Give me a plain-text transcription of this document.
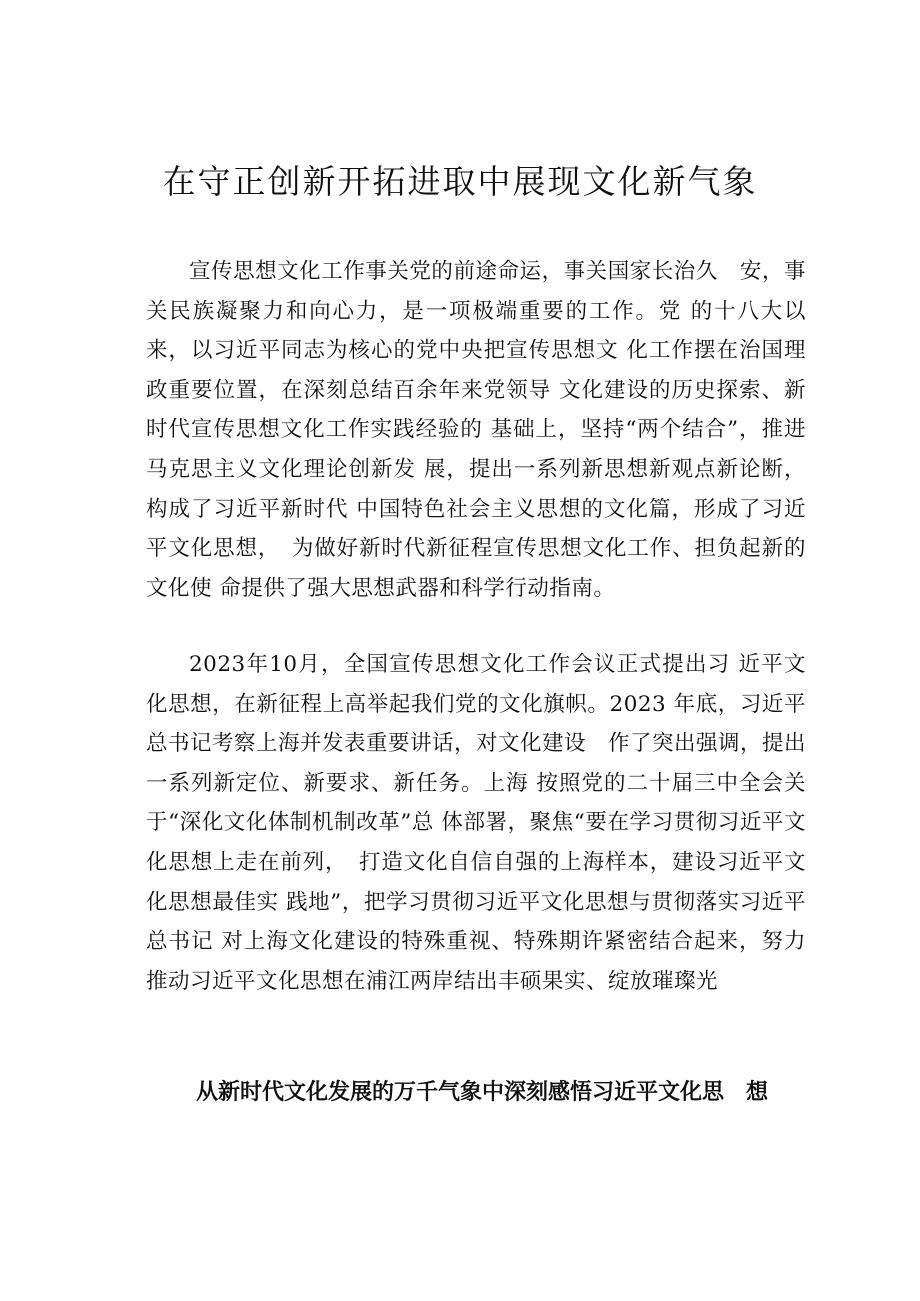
在守正创新开拓进取中展现文化新气象

宣传思想文化工作事关党的前途命运，事关国家长治久　安，事关民族凝聚力和向心力，是一项极端重要的工作。党 的十八大以来，以习近平同志为核心的党中央把宣传思想文 化工作摆在治国理政重要位置，在深刻总结百余年来党领导 文化建设的历史探索、新时代宣传思想文化工作实践经验的 基础上，坚持“两个结合”，推进马克思主义文化理论创新发 展，提出一系列新思想新观点新论断，构成了习近平新时代 中国特色社会主义思想的文化篇，形成了习近平文化思想，　为做好新时代新征程宣传思想文化工作、担负起新的文化使 命提供了强大思想武器和科学行动指南。

2023年10月，全国宣传思想文化工作会议正式提出习 近平文化思想，在新征程上高举起我们党的文化旗帜。2023 年底，习近平总书记考察上海并发表重要讲话，对文化建设　作了突出强调，提出一系列新定位、新要求、新任务。上海 按照党的二十届三中全会关于“深化文化体制机制改革”总 体部署，聚焦“要在学习贯彻习近平文化思想上走在前列，　打造文化自信自强的上海样本，建设习近平文化思想最佳实 践地”，把学习贯彻习近平文化思想与贯彻落实习近平总书记 对上海文化建设的特殊重视、特殊期许紧密结合起来，努力 推动习近平文化思想在浦江两岸结出丰硕果实、绽放璀璨光

从新时代文化发展的万千气象中深刻感悟习近平文化思　想
